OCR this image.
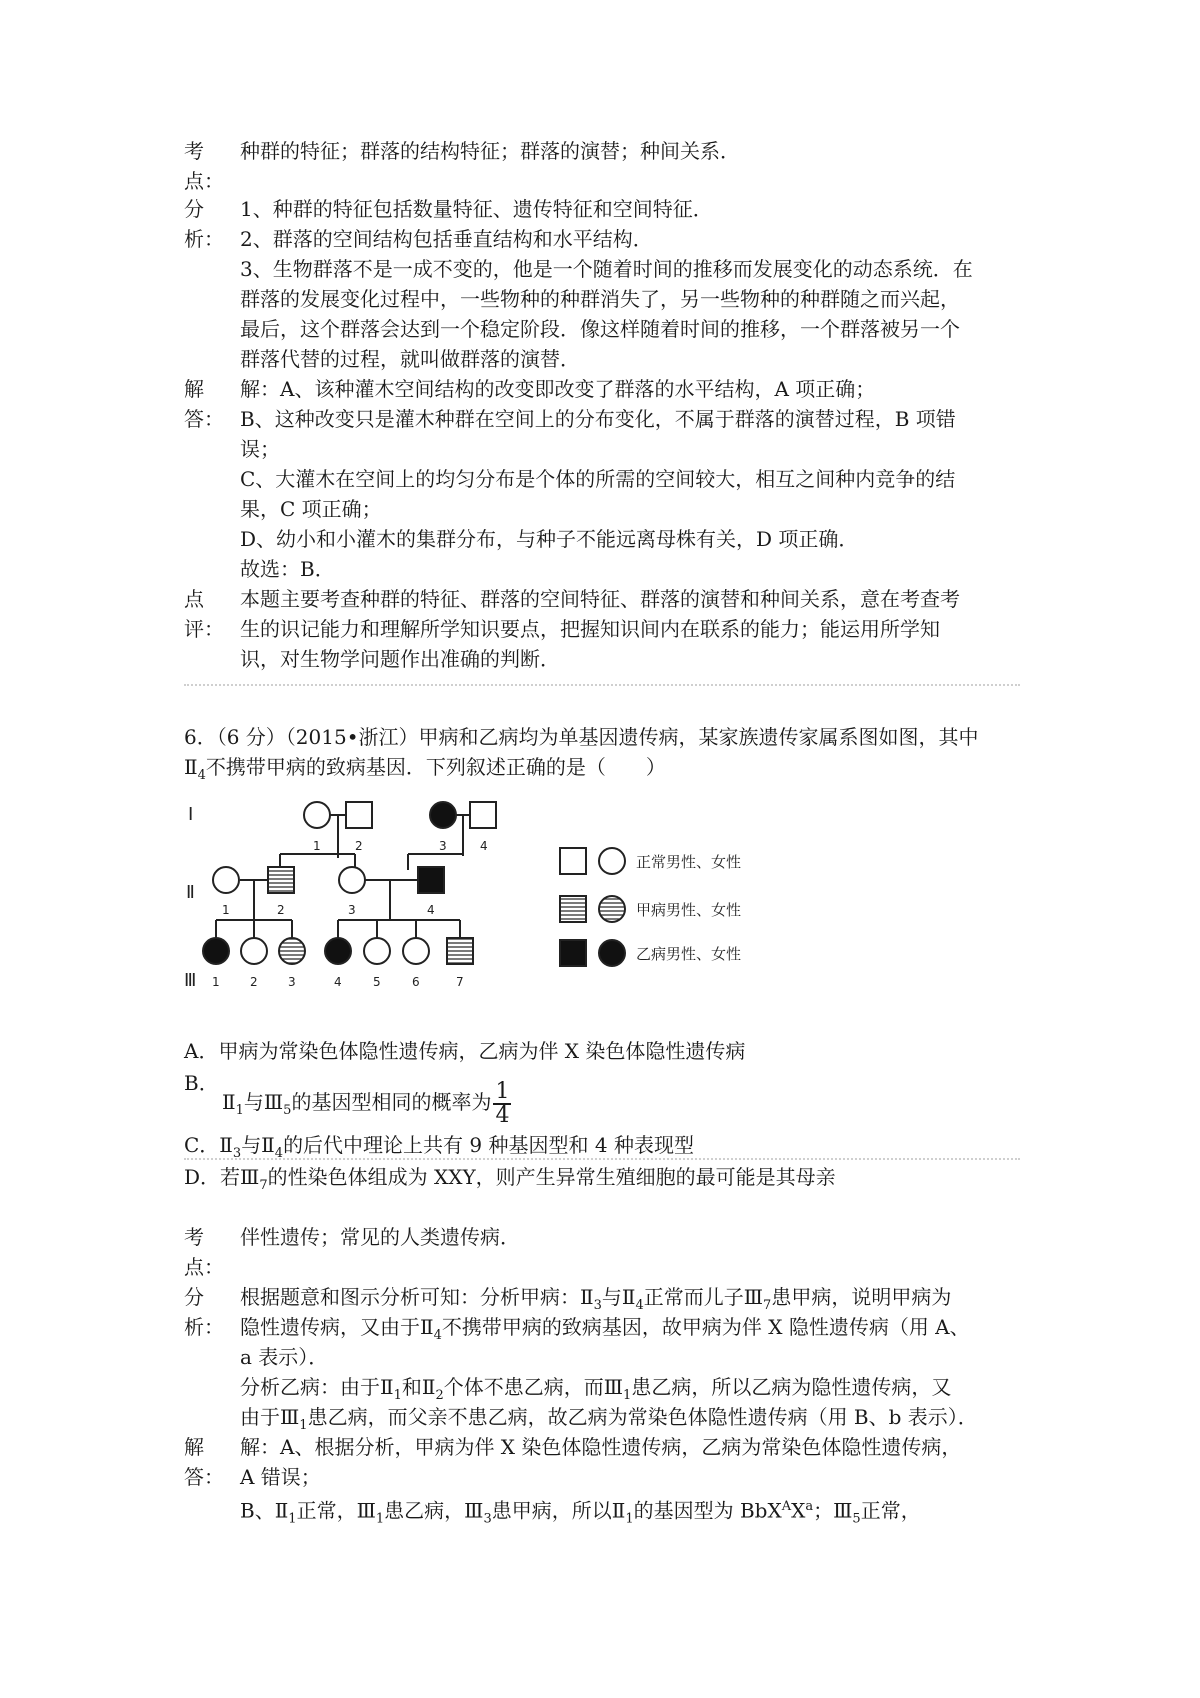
考
点：
种群的特征；群落的结构特征；群落的演替；种间关系．
分
析：
1、种群的特征包括数量特征、遗传特征和空间特征．
2、群落的空间结构包括垂直结构和水平结构．
3、生物群落不是一成不变的，他是一个随着时间的推移而发展变化的动态系统．在
群落的发展变化过程中，一些物种的种群消失了，另一些物种的种群随之而兴起，
最后，这个群落会达到一个稳定阶段．像这样随着时间的推移，一个群落被另一个
群落代替的过程，就叫做群落的演替．
解
答：
解：A、该种灌木空间结构的改变即改变了群落的水平结构，A 项正确；
B、这种改变只是灌木种群在空间上的分布变化，不属于群落的演替过程，B 项错
误；
C、大灌木在空间上的均匀分布是个体的所需的空间较大，相互之间种内竞争的结
果，C 项正确；
D、幼小和小灌木的集群分布，与种子不能远离母株有关，D 项正确．
故选：B．
点
评：
本题主要考查种群的特征、群落的空间特征、群落的演替和种间关系，意在考查考
生的识记能力和理解所学知识要点，把握知识间内在联系的能力；能运用所学知
识，对生物学问题作出准确的判断．
6．（6 分）（2015•浙江）甲病和乙病均为单基因遗传病，某家族遗传家属系图如图，其中
$Ⅱ_4$不携带甲病的致病基因．下列叙述正确的是（　　）
Ⅰ
Ⅱ
Ⅲ
1	2	3	4
1	2	3	4
1	2	3	4	5	6	7
正常男性、女性
甲病男性、女性
乙病男性、女性
A．甲病为常染色体隐性遗传病，乙病为伴 X 染色体隐性遗传病
B．
$Ⅱ_1$与$Ⅲ_5$的基因型相同的概率为 $\frac{1}{4}$
C．$Ⅱ_3$与$Ⅱ_4$的后代中理论上共有 9 种基因型和 4 种表现型
D．若$Ⅲ_7$的性染色体组成为 XXY，则产生异常生殖细胞的最可能是其母亲
考
点：
伴性遗传；常见的人类遗传病．
分
析：
根据题意和图示分析可知：分析甲病：$Ⅱ_3$与$Ⅱ_4$正常而儿子$Ⅲ_7$患甲病，说明甲病为
隐性遗传病，又由于$Ⅱ_4$不携带甲病的致病基因，故甲病为伴 X 隐性遗传病（用 A、
a 表示）．
分析乙病：由于$Ⅱ_1$和$Ⅱ_2$个体不患乙病，而$Ⅲ_1$患乙病，所以乙病为隐性遗传病，又
由于$Ⅲ_1$患乙病，而父亲不患乙病，故乙病为常染色体隐性遗传病（用 B、b 表示）．
解
答：
解：A、根据分析，甲病为伴 X 染色体隐性遗传病，乙病为常染色体隐性遗传病，
A 错误；
B、$Ⅱ_1$正常，$Ⅲ_1$患乙病，$Ⅲ_3$患甲病，所以$Ⅱ_1$的基因型为 $BbX^AX^a$；$Ⅲ_5$正常，
